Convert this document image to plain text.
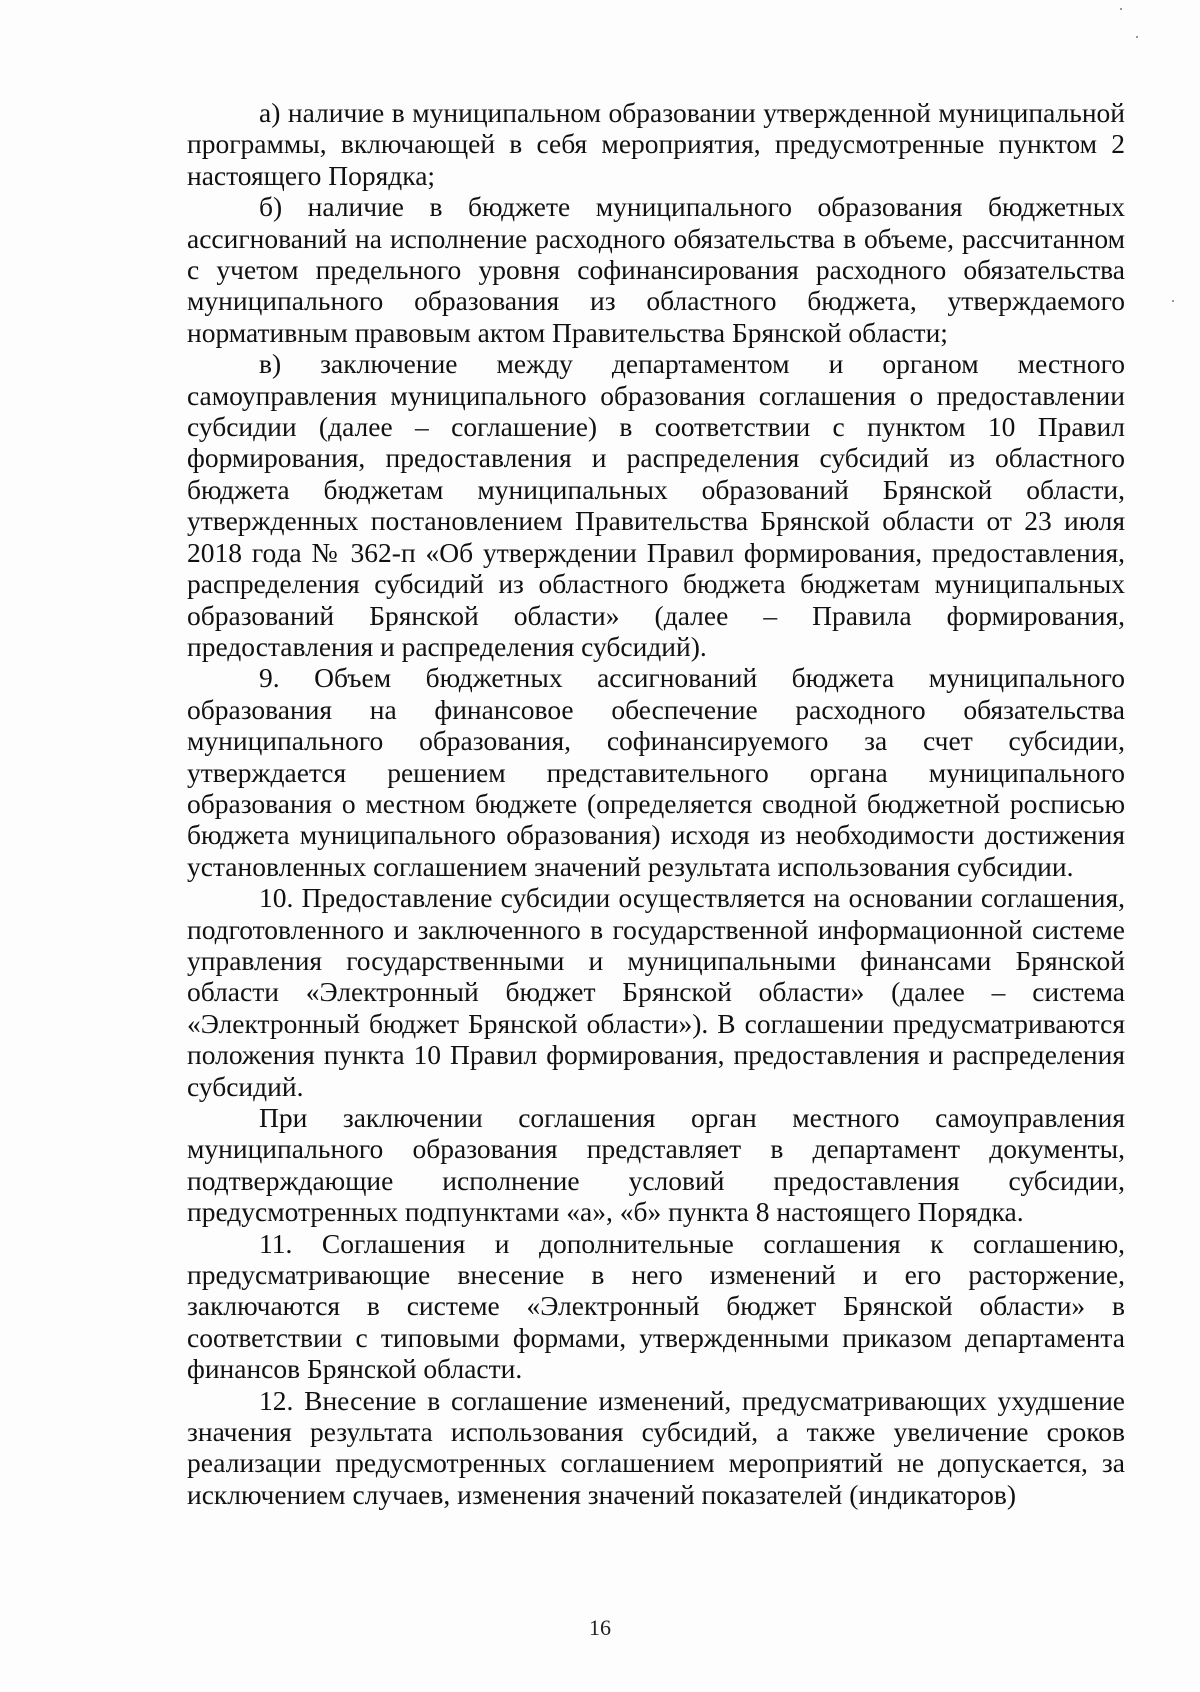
а) наличие в муниципальном образовании утвержденной муниципальной программы, включающей в себя мероприятия, предусмотренные пунктом 2 настоящего Порядка;

б) наличие в бюджете муниципального образования бюджетных ассигнований на исполнение расходного обязательства в объеме, рассчитанном с учетом предельного уровня софинансирования расходного обязательства муниципального образования из областного бюджета, утверждаемого нормативным правовым актом Правительства Брянской области;

в) заключение между департаментом и органом местного самоуправления муниципального образования соглашения о предоставлении субсидии (далее – соглашение) в соответствии с пунктом 10 Правил формирования, предоставления и распределения субсидий из областного бюджета бюджетам муниципальных образований Брянской области, утвержденных постановлением Правительства Брянской области от 23 июля 2018 года № 362-п «Об утверждении Правил формирования, предоставления, распределения субсидий из областного бюджета бюджетам муниципальных образований Брянской области» (далее – Правила формирования, предоставления и распределения субсидий).

9. Объем бюджетных ассигнований бюджета муниципального образования на финансовое обеспечение расходного обязательства муниципального образования, софинансируемого за счет субсидии, утверждается решением представительного органа муниципального образования о местном бюджете (определяется сводной бюджетной росписью бюджета муниципального образования) исходя из необходимости достижения установленных соглашением значений результата использования субсидии.

10. Предоставление субсидии осуществляется на основании соглашения, подготовленного и заключенного в государственной информационной системе управления государственными и муниципальными финансами Брянской области «Электронный бюджет Брянской области» (далее – система «Электронный бюджет Брянской области»). В соглашении предусматриваются положения пункта 10 Правил формирования, предоставления и распределения субсидий.

При заключении соглашения орган местного самоуправления муниципального образования представляет в департамент документы, подтверждающие исполнение условий предоставления субсидии, предусмотренных подпунктами «а», «б» пункта 8 настоящего Порядка.

11. Соглашения и дополнительные соглашения к соглашению, предусматривающие внесение в него изменений и его расторжение, заключаются в системе «Электронный бюджет Брянской области» в соответствии с типовыми формами, утвержденными приказом департамента финансов Брянской области.

12. Внесение в соглашение изменений, предусматривающих ухудшение значения результата использования субсидий, а также увеличение сроков реализации предусмотренных соглашением мероприятий не допускается, за исключением случаев, изменения значений показателей (индикаторов)

16
